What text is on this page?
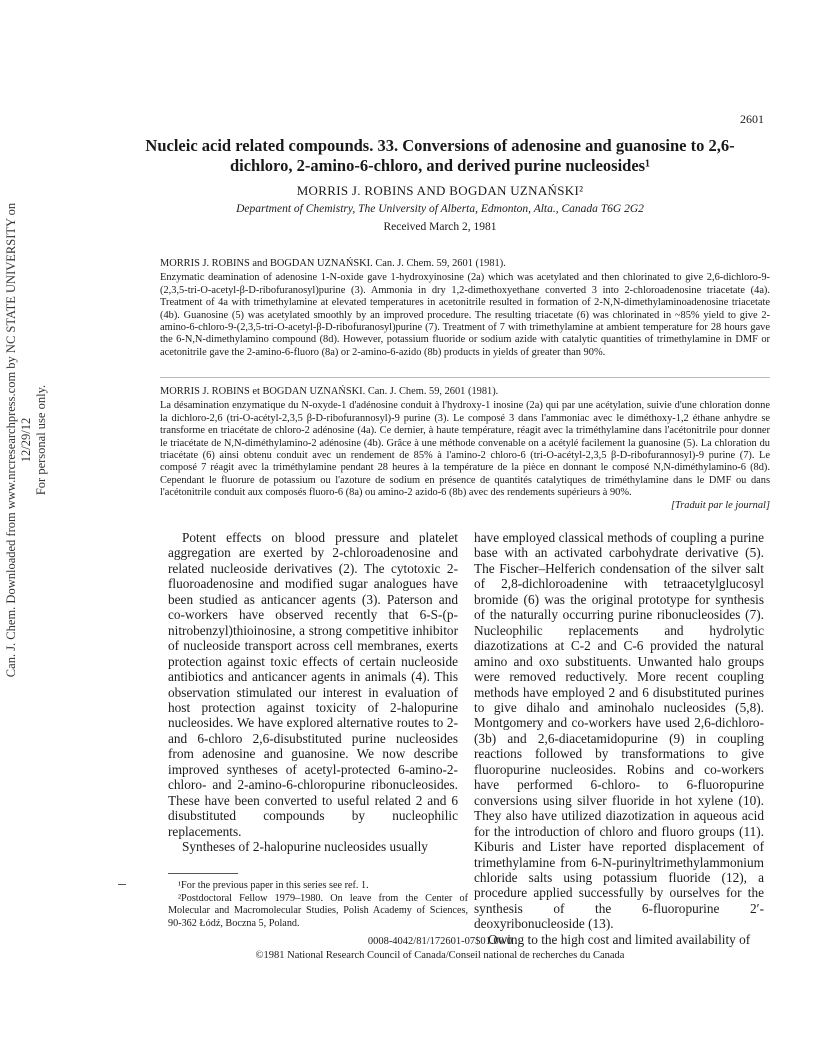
Can. J. Chem. Downloaded from www.nrcresearchpress.com by NC STATE UNIVERSITY on 12/29/12 For personal use only.
2601
Nucleic acid related compounds. 33. Conversions of adenosine and guanosine to 2,6-dichloro, 2-amino-6-chloro, and derived purine nucleosides¹
MORRIS J. ROBINS AND BOGDAN UZNAŃSKI²
Department of Chemistry, The University of Alberta, Edmonton, Alta., Canada T6G 2G2
Received March 2, 1981

MORRIS J. ROBINS and BOGDAN UZNAŃSKI. Can. J. Chem. 59, 2601 (1981).

Enzymatic deamination of adenosine 1-N-oxide gave 1-hydroxyinosine (2a) which was acetylated and then chlorinated to give 2,6-dichloro-9-(2,3,5-tri-O-acetyl-β-D-ribofuranosyl)purine (3). Ammonia in dry 1,2-dimethoxyethane converted 3 into 2-chloroadenosine triacetate (4a). Treatment of 4a with trimethylamine at elevated temperatures in acetonitrile resulted in formation of 2-N,N-dimethylaminoadenosine triacetate (4b). Guanosine (5) was acetylated smoothly by an improved procedure. The resulting triacetate (6) was chlorinated in ~85% yield to give 2-amino-6-chloro-9-(2,3,5-tri-O-acetyl-β-D-ribofuranosyl)purine (7). Treatment of 7 with trimethylamine at ambient temperature for 28 hours gave the 6-N,N-dimethylamino compound (8d). However, potassium fluoride or sodium azide with catalytic quantities of trimethylamine in DMF or acetonitrile gave the 2-amino-6-fluoro (8a) or 2-amino-6-azido (8b) products in yields of greater than 90%.

MORRIS J. ROBINS et BOGDAN UZNAŃSKI. Can. J. Chem. 59, 2601 (1981).

La désamination enzymatique du N-oxyde-1 d'adénosine conduit à l'hydroxy-1 inosine (2a) qui par une acétylation, suivie d'une chloration donne la dichloro-2,6 (tri-O-acétyl-2,3,5 β-D-ribofurannosyl)-9 purine (3). Le composé 3 dans l'ammoniac avec le diméthoxy-1,2 éthane anhydre se transforme en triacétate de chloro-2 adénosine (4a). Ce dernier, à haute température, réagit avec la triméthylamine dans l'acétonitrile pour donner le triacétate de N,N-diméthylamino-2 adénosine (4b). Grâce à une méthode convenable on a acétylé facilement la guanosine (5). La chloration du triacétate (6) ainsi obtenu conduit avec un rendement de 85% à l'amino-2 chloro-6 (tri-O-acétyl-2,3,5 β-D-ribofurannosyl)-9 purine (7). Le composé 7 réagit avec la triméthylamine pendant 28 heures à la température de la pièce en donnant le composé N,N-diméthylamino-6 (8d). Cependant le fluorure de potassium ou l'azoture de sodium en présence de quantités catalytiques de triméthylamine dans le DMF ou dans l'acétonitrile conduit aux composés fluoro-6 (8a) ou amino-2 azido-6 (8b) avec des rendements supérieurs à 90%.

[Traduit par le journal]

Potent effects on blood pressure and platelet aggregation are exerted by 2-chloroadenosine and related nucleoside derivatives (2). The cytotoxic 2-fluoroadenosine and modified sugar analogues have been studied as anticancer agents (3). Paterson and co-workers have observed recently that 6-S-(p-nitrobenzyl)thioinosine, a strong competitive inhibitor of nucleoside transport across cell membranes, exerts protection against toxic effects of certain nucleoside antibiotics and anticancer agents in animals (4). This observation stimulated our interest in evaluation of host protection against toxicity of 2-halopurine nucleosides. We have explored alternative routes to 2- and 6-chloro 2,6-disubstituted purine nucleosides from adenosine and guanosine. We now describe improved syntheses of acetyl-protected 6-amino-2-chloro- and 2-amino-6-chloropurine ribonucleosides. These have been converted to useful related 2 and 6 disubstituted compounds by nucleophilic replacements.

Syntheses of 2-halopurine nucleosides usually

have employed classical methods of coupling a purine base with an activated carbohydrate derivative (5). The Fischer–Helferich condensation of the silver salt of 2,8-dichloroadenine with tetraacetylglucosyl bromide (6) was the original prototype for synthesis of the naturally occurring purine ribonucleosides (7). Nucleophilic replacements and hydrolytic diazotizations at C-2 and C-6 provided the natural amino and oxo substituents. Unwanted halo groups were removed reductively. More recent coupling methods have employed 2 and 6 disubstituted purines to give dihalo and aminohalo nucleosides (5,8). Montgomery and co-workers have used 2,6-dichloro- (3b) and 2,6-diacetamidopurine (9) in coupling reactions followed by transformations to give fluoropurine nucleosides. Robins and co-workers have performed 6-chloro- to 6-fluoropurine conversions using silver fluoride in hot xylene (10). They also have utilized diazotization in aqueous acid for the introduction of chloro and fluoro groups (11). Kiburis and Lister have reported displacement of trimethylamine from 6-N-purinyltrimethylammonium chloride salts using potassium fluoride (12), a procedure applied successfully by ourselves for the synthesis of the 6-fluoropurine 2′-deoxyribonucleoside (13).

Owing to the high cost and limited availability of

¹For the previous paper in this series see ref. 1.

²Postdoctoral Fellow 1979–1980. On leave from the Center of Molecular and Macromolecular Studies, Polish Academy of Sciences, 90-362 Łódź, Boczna 5, Poland.

0008-4042/81/172601-07$01.00/0
©1981 National Research Council of Canada/Conseil national de recherches du Canada
